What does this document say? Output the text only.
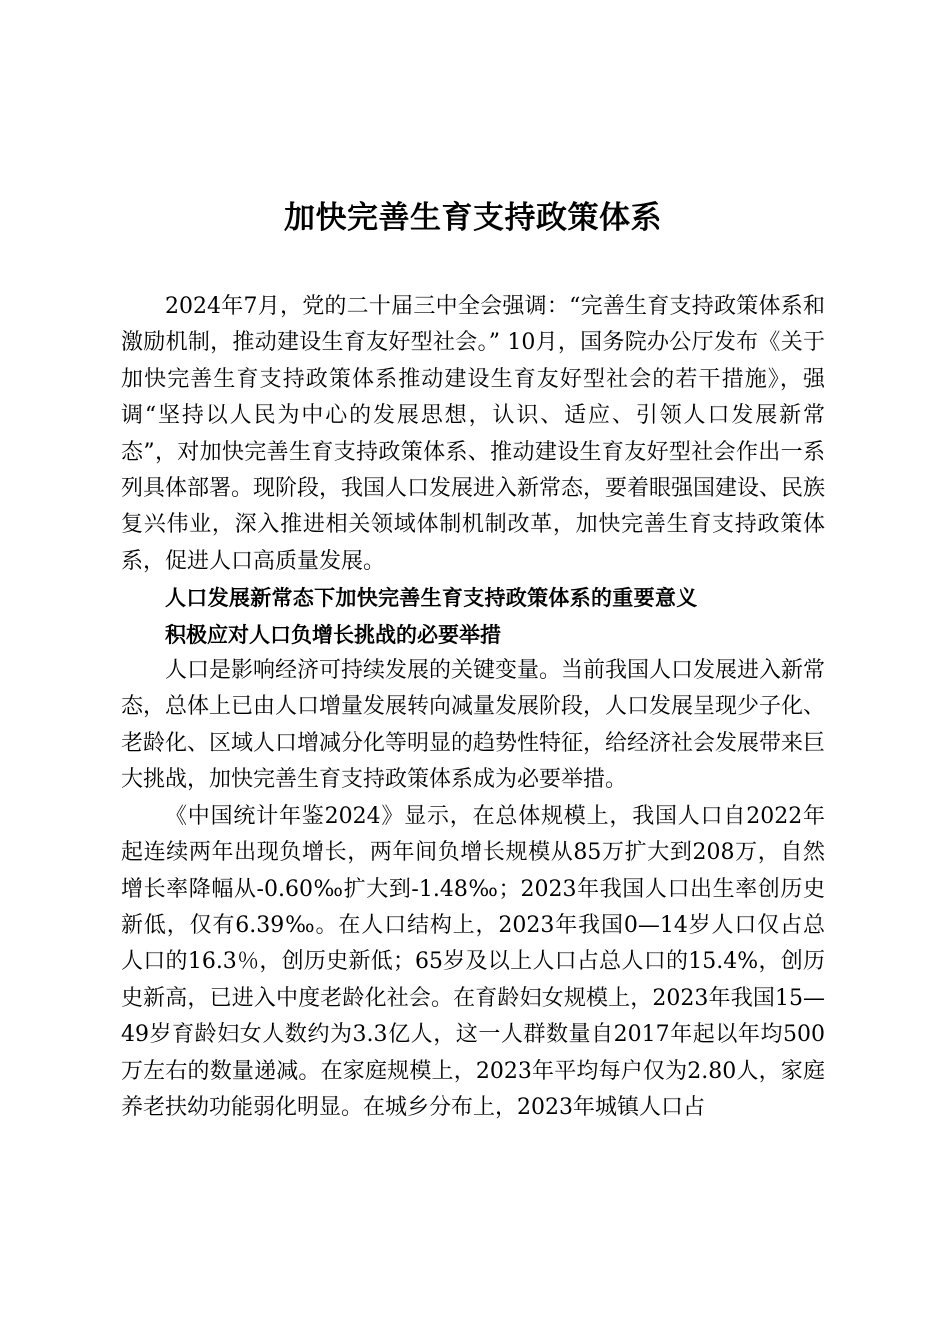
加快完善生育支持政策体系

2024年7月，党的二十届三中全会强调：“完善生育支持政策体系和激励机制，推动建设生育友好型社会。” 10月，国务院办公厅发布《关于加快完善生育支持政策体系推动建设生育友好型社会的若干措施》，强调“坚持以人民为中心的发展思想，认识、适应、引领人口发展新常态”，对加快完善生育支持政策体系、推动建设生育友好型社会作出一系列具体部署。现阶段，我国人口发展进入新常态，要着眼强国建设、民族复兴伟业，深入推进相关领域体制机制改革，加快完善生育支持政策体系，促进人口高质量发展。

人口发展新常态下加快完善生育支持政策体系的重要意义

积极应对人口负增长挑战的必要举措

人口是影响经济可持续发展的关键变量。当前我国人口发展进入新常态，总体上已由人口增量发展转向减量发展阶段，人口发展呈现少子化、老龄化、区域人口增减分化等明显的趋势性特征，给经济社会发展带来巨大挑战，加快完善生育支持政策体系成为必要举措。

《中国统计年鉴2024》显示，在总体规模上，我国人口自2022年起连续两年出现负增长，两年间负增长规模从85万扩大到208万，自然增长率降幅从-0.60‰扩大到-1.48‰；2023年我国人口出生率创历史新低，仅有6.39‰。在人口结构上，2023年我国0—14岁人口仅占总人口的16.3％，创历史新低；65岁及以上人口占总人口的15.4%，创历史新高，已进入中度老龄化社会。在育龄妇女规模上，2023年我国15—49岁育龄妇女人数约为3.3亿人，这一人群数量自2017年起以年均500万左右的数量递减。在家庭规模上，2023年平均每户仅为2.80人，家庭养老扶幼功能弱化明显。在城乡分布上，2023年城镇人口占
